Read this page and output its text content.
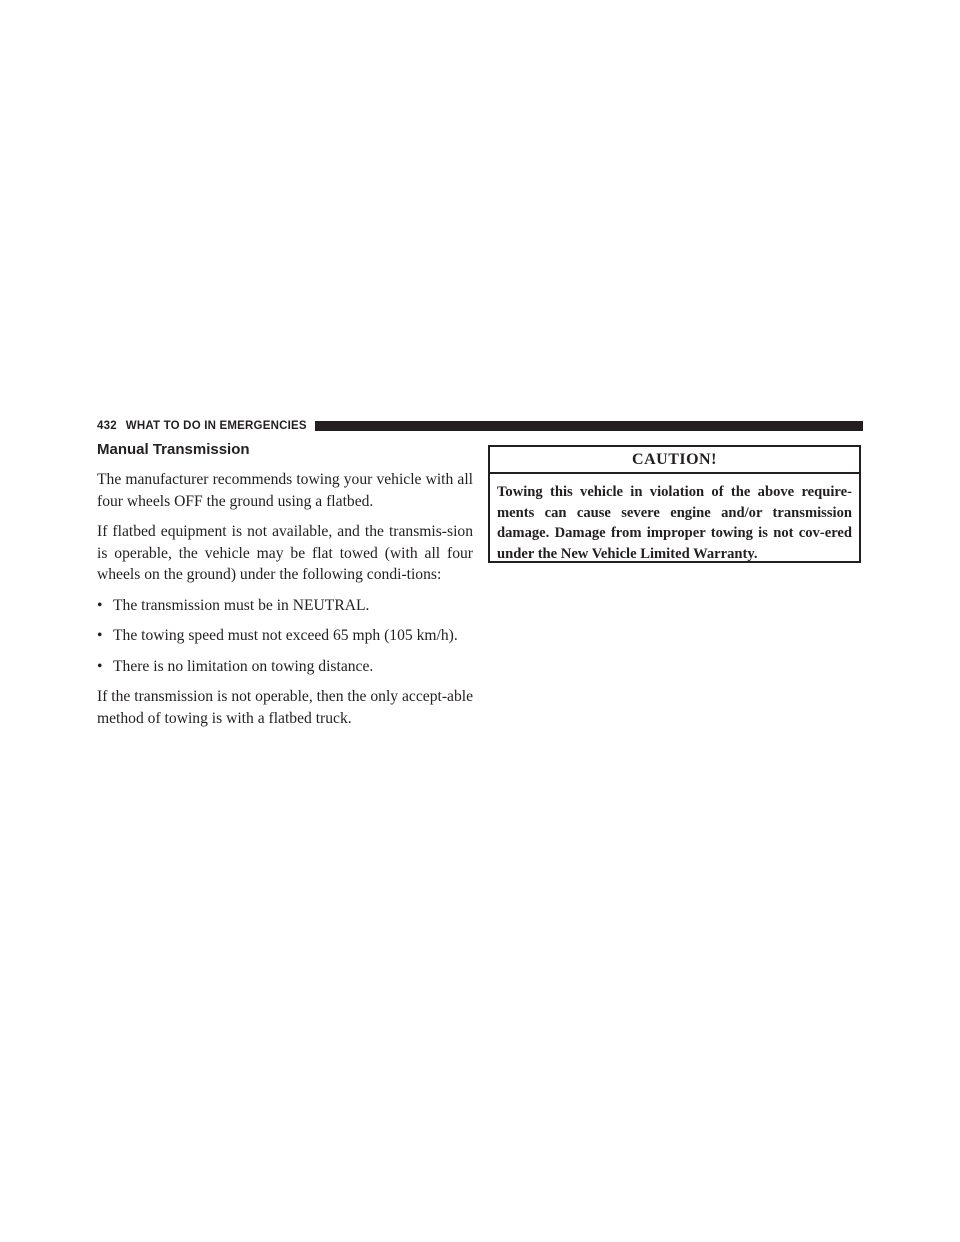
432 WHAT TO DO IN EMERGENCIES
Manual Transmission

The manufacturer recommends towing your vehicle with all four wheels OFF the ground using a flatbed.

If flatbed equipment is not available, and the transmis-sion is operable, the vehicle may be flat towed (with all four wheels on the ground) under the following condi-tions:

• The transmission must be in NEUTRAL.
• The towing speed must not exceed 65 mph (105 km/h).
• There is no limitation on towing distance.

If the transmission is not operable, then the only accept-able method of towing is with a flatbed truck.

CAUTION!
Towing this vehicle in violation of the above require-ments can cause severe engine and/or transmission damage. Damage from improper towing is not cov-ered under the New Vehicle Limited Warranty.
